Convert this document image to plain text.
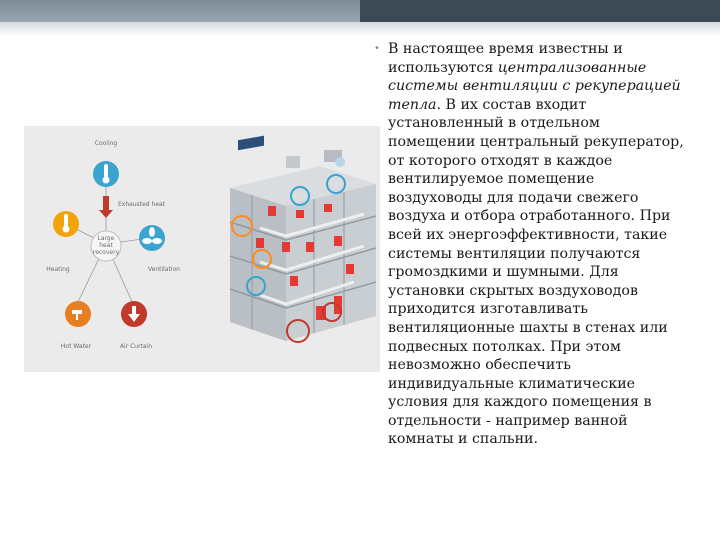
Large
heat
recovery
Cooling
Exhausted heat
Heating	Ventilation
Hot Water	Air Curtain
• В настоящее время известны и используются централизованные системы вентиляции с рекуперацией тепла. В их состав входит установленный в отдельном помещении центральный рекуператор, от которого отходят в каждое вентилируемое помещение воздуховоды для подачи свежего воздуха и отбора отработанного. При всей их энергоэффективности, такие системы вентиляции получаются громоздкими и шумными. Для установки скрытых воздуховодов приходится изготавливать вентиляционные шахты в стенах или подвесных потолках. При этом невозможно обеспечить индивидуальные климатические условия для каждого помещения в отдельности - например ванной комнаты и спальни.
